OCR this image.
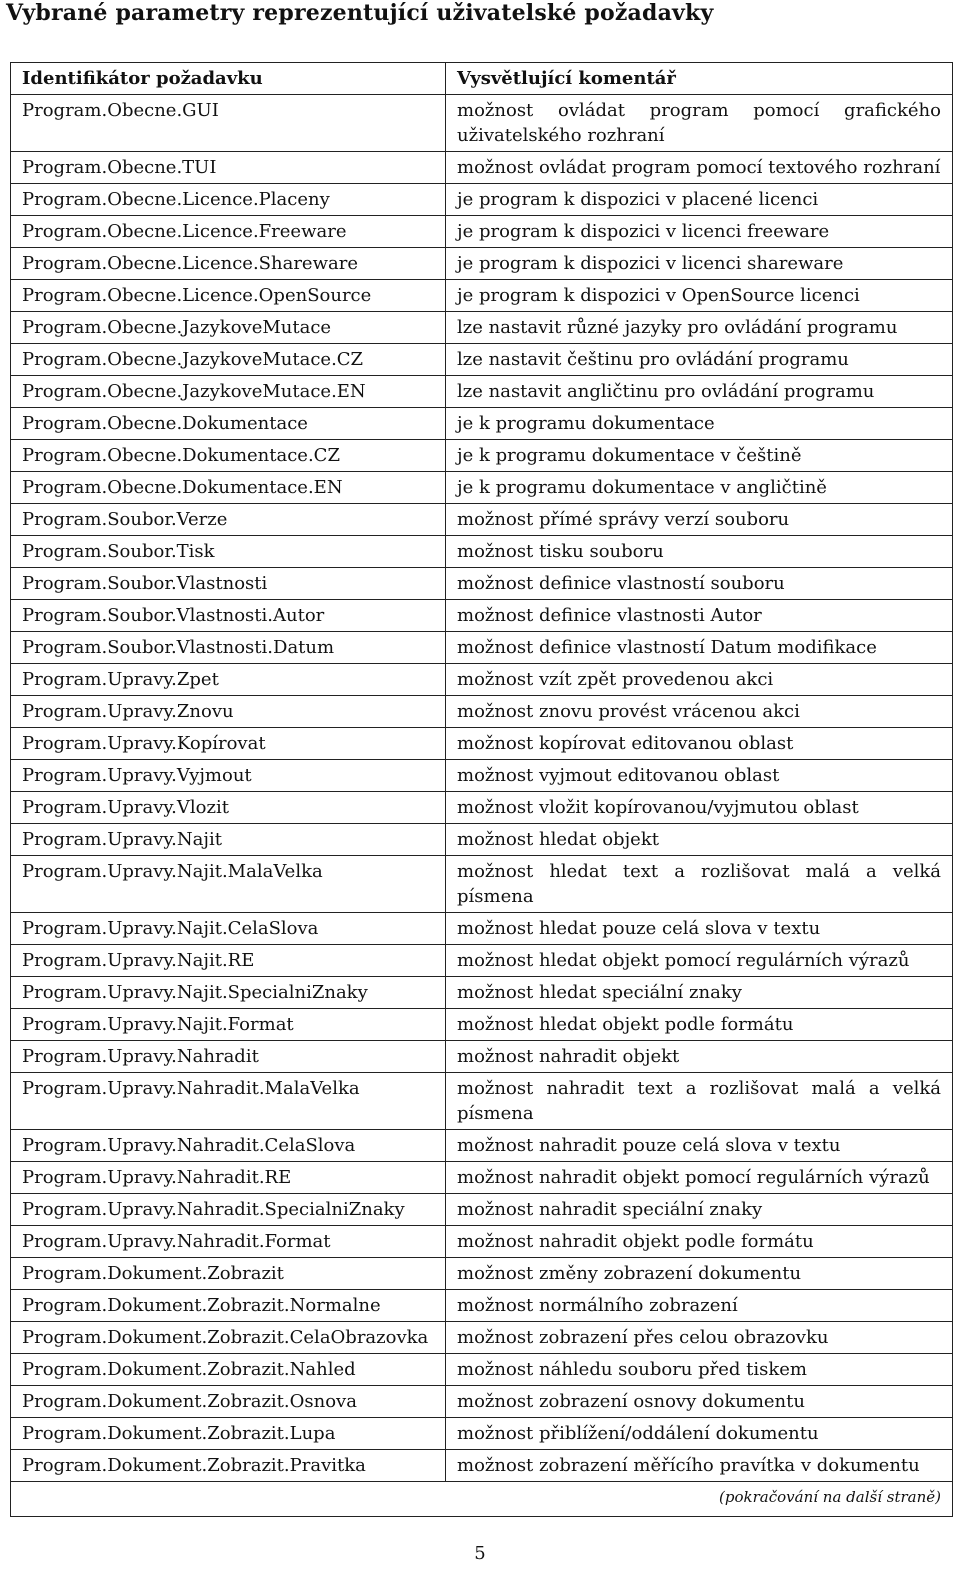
Vybrané parametry reprezentující uživatelské požadavky
Identifikátor požadavku	Vysvětlující komentář
Program.Obecne.GUI	možnost ovládat program pomocí grafického uživatelského rozhraní
Program.Obecne.TUI	možnost ovládat program pomocí textového rozhraní
Program.Obecne.Licence.Placeny	je program k dispozici v placené licenci
Program.Obecne.Licence.Freeware	je program k dispozici v licenci freeware
Program.Obecne.Licence.Shareware	je program k dispozici v licenci shareware
Program.Obecne.Licence.OpenSource	je program k dispozici v OpenSource licenci
Program.Obecne.JazykoveMutace	lze nastavit různé jazyky pro ovládání programu
Program.Obecne.JazykoveMutace.CZ	lze nastavit češtinu pro ovládání programu
Program.Obecne.JazykoveMutace.EN	lze nastavit angličtinu pro ovládání programu
Program.Obecne.Dokumentace	je k programu dokumentace
Program.Obecne.Dokumentace.CZ	je k programu dokumentace v češtině
Program.Obecne.Dokumentace.EN	je k programu dokumentace v angličtině
Program.Soubor.Verze	možnost přímé správy verzí souboru
Program.Soubor.Tisk	možnost tisku souboru
Program.Soubor.Vlastnosti	možnost definice vlastností souboru
Program.Soubor.Vlastnosti.Autor	možnost definice vlastnosti Autor
Program.Soubor.Vlastnosti.Datum	možnost definice vlastností Datum modifikace
Program.Upravy.Zpet	možnost vzít zpět provedenou akci
Program.Upravy.Znovu	možnost znovu provést vrácenou akci
Program.Upravy.Kopírovat	možnost kopírovat editovanou oblast
Program.Upravy.Vyjmout	možnost vyjmout editovanou oblast
Program.Upravy.Vlozit	možnost vložit kopírovanou/vyjmutou oblast
Program.Upravy.Najit	možnost hledat objekt
Program.Upravy.Najit.MalaVelka	možnost hledat text a rozlišovat malá a velká písmena
Program.Upravy.Najit.CelaSlova	možnost hledat pouze celá slova v textu
Program.Upravy.Najit.RE	možnost hledat objekt pomocí regulárních výrazů
Program.Upravy.Najit.SpecialniZnaky	možnost hledat speciální znaky
Program.Upravy.Najit.Format	možnost hledat objekt podle formátu
Program.Upravy.Nahradit	možnost nahradit objekt
Program.Upravy.Nahradit.MalaVelka	možnost nahradit text a rozlišovat malá a velká písmena
Program.Upravy.Nahradit.CelaSlova	možnost nahradit pouze celá slova v textu
Program.Upravy.Nahradit.RE	možnost nahradit objekt pomocí regulárních výrazů
Program.Upravy.Nahradit.SpecialniZnaky	možnost nahradit speciální znaky
Program.Upravy.Nahradit.Format	možnost nahradit objekt podle formátu
Program.Dokument.Zobrazit	možnost změny zobrazení dokumentu
Program.Dokument.Zobrazit.Normalne	možnost normálního zobrazení
Program.Dokument.Zobrazit.CelaObrazovka	možnost zobrazení přes celou obrazovku
Program.Dokument.Zobrazit.Nahled	možnost náhledu souboru před tiskem
Program.Dokument.Zobrazit.Osnova	možnost zobrazení osnovy dokumentu
Program.Dokument.Zobrazit.Lupa	možnost přiblížení/oddálení dokumentu
Program.Dokument.Zobrazit.Pravitka	možnost zobrazení měřícího pravítka v dokumentu
(pokračování na další straně)	
5
